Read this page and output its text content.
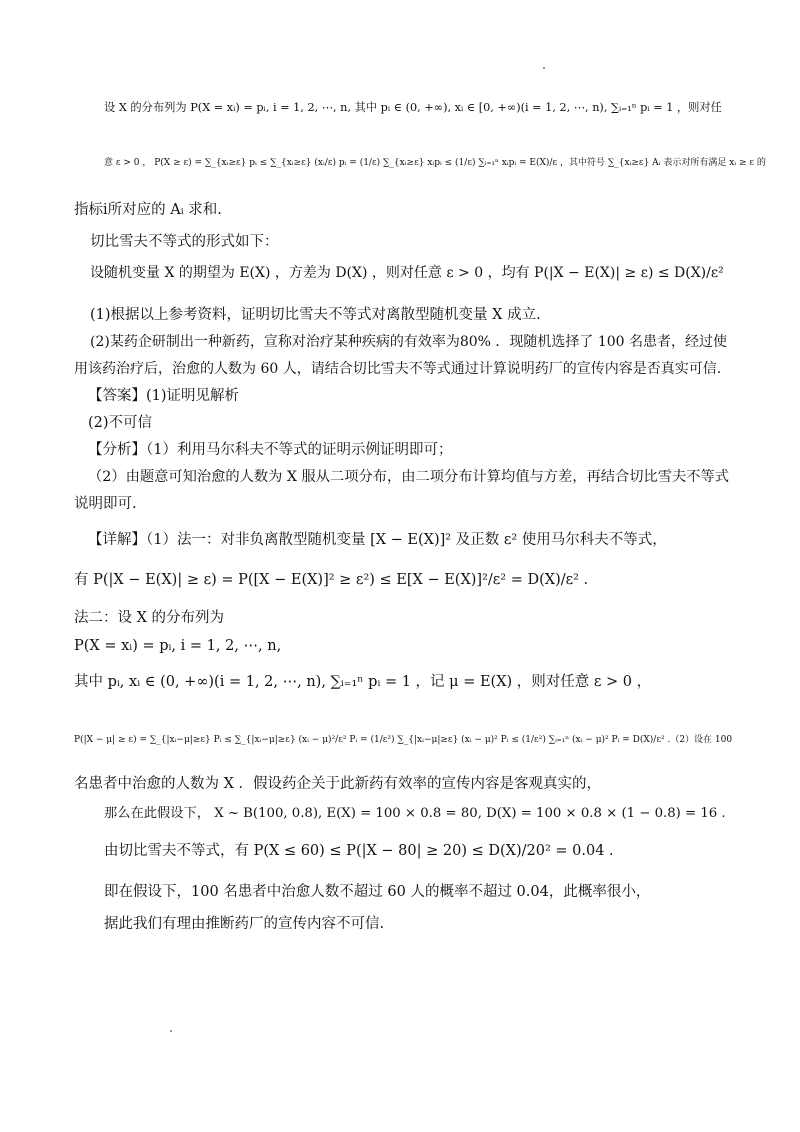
设 X 的分布列为 P(X = xᵢ) = pᵢ, i = 1, 2, ⋯, n, 其中 pᵢ ∈ (0, +∞), xᵢ ∈ [0, +∞)(i = 1, 2, ⋯, n), ∑ᵢ₌₁ⁿ pᵢ = 1 ，则对任
意 ε > 0 ， P(X ≥ ε) = ∑_{xᵢ≥ε} pᵢ ≤ ∑_{xᵢ≥ε} (xᵢ/ε) pᵢ = (1/ε) ∑_{xᵢ≥ε} xᵢpᵢ ≤ (1/ε) ∑ᵢ₌₁ⁿ xᵢpᵢ = E(X)/ε ，其中符号 ∑_{xᵢ≥ε} Aᵢ 表示对所有满足 xᵢ ≥ ε 的
指标i所对应的 Aᵢ 求和.
切比雪夫不等式的形式如下：
设随机变量 X 的期望为 E(X) ，方差为 D(X) ，则对任意 ε > 0 ，均有 P(|X − E(X)| ≥ ε) ≤ D(X)/ε²
(1)根据以上参考资料，证明切比雪夫不等式对离散型随机变量 X 成立.
(2)某药企研制出一种新药，宣称对治疗某种疾病的有效率为80% ．现随机选择了 100 名患者，经过使
用该药治疗后，治愈的人数为 60 人，请结合切比雪夫不等式通过计算说明药厂的宣传内容是否真实可信.
【答案】(1)证明见解析
(2)不可信
【分析】（1）利用马尔科夫不等式的证明示例证明即可；
（2）由题意可知治愈的人数为 X 服从二项分布，由二项分布计算均值与方差，再结合切比雪夫不等式
说明即可.
【详解】（1）法一：对非负离散型随机变量 [X − E(X)]² 及正数 ε² 使用马尔科夫不等式，
有 P(|X − E(X)| ≥ ε) = P([X − E(X)]² ≥ ε²) ≤ E[X − E(X)]²/ε² = D(X)/ε² .
法二：设 X 的分布列为
P(X = xᵢ) = pᵢ, i = 1, 2, ⋯, n,
其中 pᵢ, xᵢ ∈ (0, +∞)(i = 1, 2, ⋯, n), ∑ᵢ₌₁ⁿ pᵢ = 1 ，记 μ = E(X) ，则对任意 ε > 0 ，
P(|X − μ| ≥ ε) = ∑_{|xᵢ−μ|≥ε} Pᵢ ≤ ∑_{|xᵢ−μ|≥ε} (xᵢ − μ)²/ε² Pᵢ = (1/ε²) ∑_{|xᵢ−μ|≥ε} (xᵢ − μ)² Pᵢ ≤ (1/ε²) ∑ᵢ₌₁ⁿ (xᵢ − μ)² Pᵢ = D(X)/ε² .（2）设在 100
名患者中治愈的人数为 X ．假设药企关于此新药有效率的宣传内容是客观真实的，
那么在此假设下， X ~ B(100, 0.8), E(X) = 100 × 0.8 = 80, D(X) = 100 × 0.8 × (1 − 0.8) = 16 .
由切比雪夫不等式，有 P(X ≤ 60) ≤ P(|X − 80| ≥ 20) ≤ D(X)/20² = 0.04 .
即在假设下，100 名患者中治愈人数不超过 60 人的概率不超过 0.04，此概率很小，
据此我们有理由推断药厂的宣传内容不可信.
